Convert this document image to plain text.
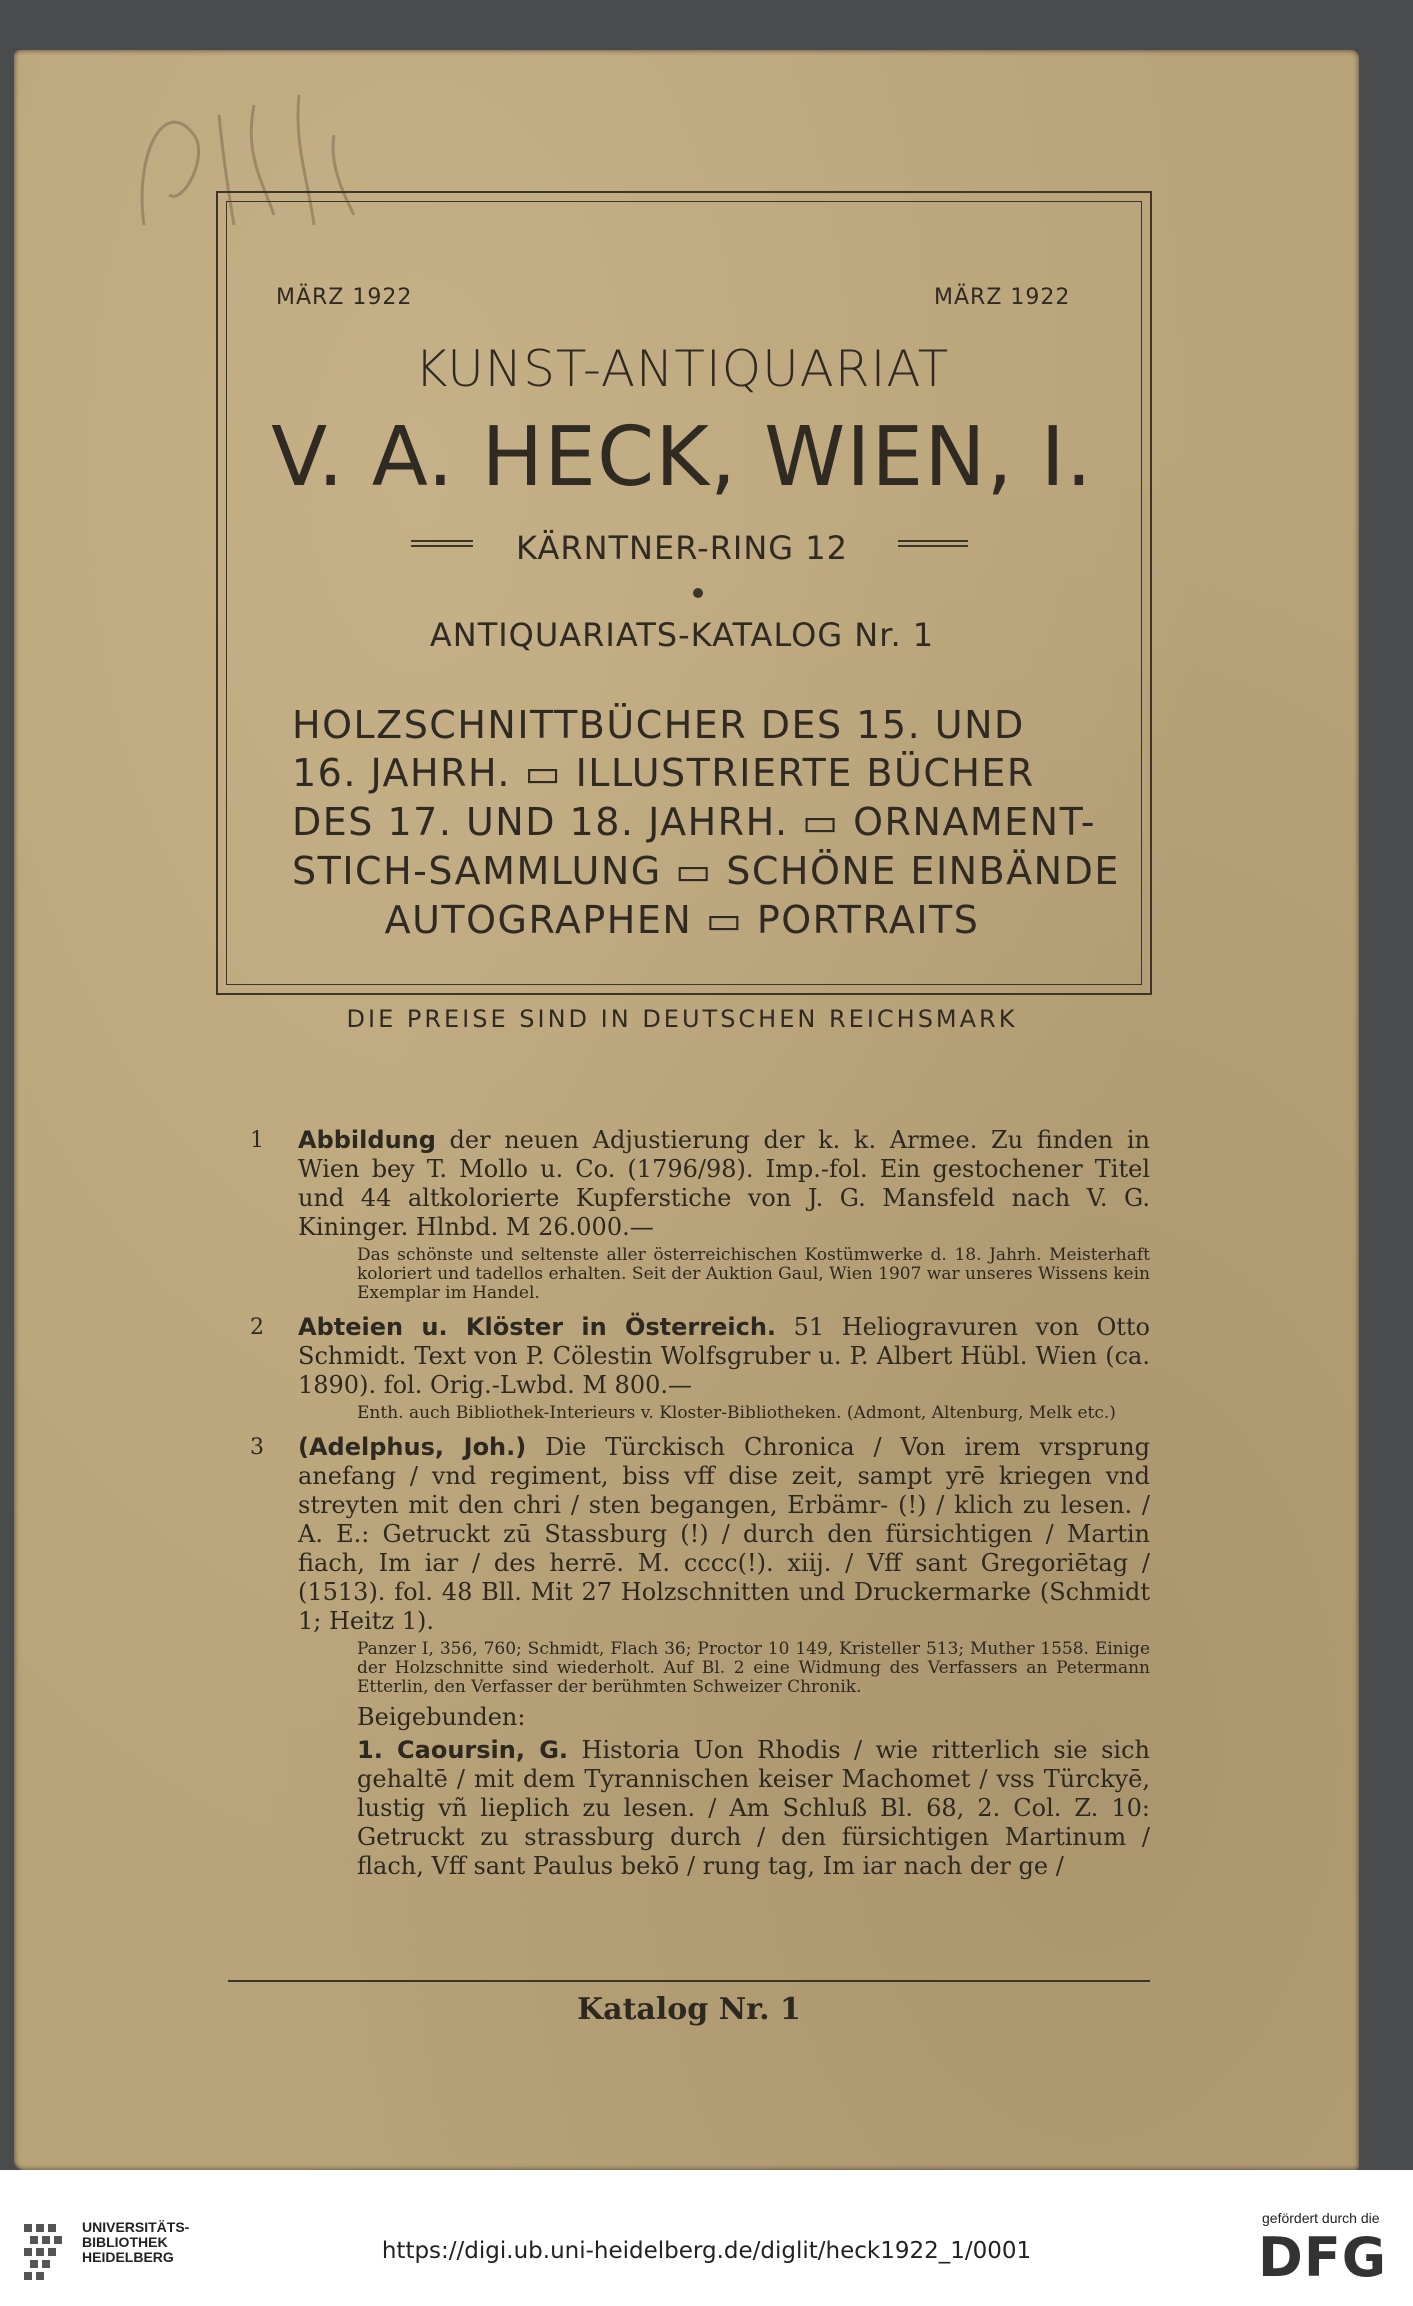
MÄRZ 1922	MÄRZ 1922
KUNST-ANTIQUARIAT
V. A. HECK, WIEN, I.
KÄRNTNER-RING 12
ANTIQUARIATS-KATALOG Nr. 1
HOLZSCHNITTBÜCHER DES 15. UND
16. JAHRH. ▭ ILLUSTRIERTE BÜCHER
DES 17. UND 18. JAHRH. ▭ ORNAMENT-
STICH-SAMMLUNG ▭ SCHÖNE EINBÄNDE
AUTOGRAPHEN ▭ PORTRAITS
DIE PREISE SIND IN DEUTSCHEN REICHSMARK
1 Abbildung der neuen Adjustierung der k. k. Armee. Zu finden in Wien bey T. Mollo u. Co. (1796/98). Imp.-fol. Ein gestochener Titel und 44 altkolorierte Kupferstiche von J. G. Mansfeld nach V. G. Kininger. Hlnbd. M 26.000.—
Das schönste und seltenste aller österreichischen Kostümwerke d. 18. Jahrh. Meisterhaft koloriert und tadellos erhalten. Seit der Auktion Gaul, Wien 1907 war unseres Wissens kein Exemplar im Handel.
2 Abteien u. Klöster in Österreich. 51 Heliogravuren von Otto Schmidt. Text von P. Cölestin Wolfsgruber u. P. Albert Hübl. Wien (ca. 1890). fol. Orig.-Lwbd. M 800.—
Enth. auch Bibliothek-Interieurs v. Kloster-Bibliotheken. (Admont, Altenburg, Melk etc.)
3 (Adelphus, Joh.) Die Türckisch Chronica / Von irem vrsprung anefang / vnd regiment, biss vff dise zeit, sampt yrē kriegen vnd streyten mit den chri / sten begangen, Erbämr- (!) / klich zu lesen. / A. E.: Getruckt zū Stassburg (!) / durch den fürsichtigen / Martin fiach, Im iar / des herrē. M. cccc(!). xiij. / Vff sant Gregoriētag / (1513). fol. 48 Bll. Mit 27 Holzschnitten und Druckermarke (Schmidt 1; Heitz 1).
Panzer I, 356, 760; Schmidt, Flach 36; Proctor 10 149, Kristeller 513; Muther 1558. Einige der Holzschnitte sind wiederholt. Auf Bl. 2 eine Widmung des Verfassers an Petermann Etterlin, den Verfasser der berühmten Schweizer Chronik.
Beigebunden:
1. Caoursin, G. Historia Uon Rhodis / wie ritterlich sie sich gehaltē / mit dem Tyrannischen keiser Machomet / vss Türckyē, lustig vñ lieplich zu lesen. / Am Schluß Bl. 68, 2. Col. Z. 10: Getruckt zu strassburg durch / den fürsichtigen Martinum / flach, Vff sant Paulus bekō / rung tag, Im iar nach der ge /
Katalog Nr. 1
UNIVERSITÄTS-
BIBLIOTHEK
HEIDELBERG	https://digi.ub.uni-heidelberg.de/diglit/heck1922_1/0001
gefördert durch die
DFG
